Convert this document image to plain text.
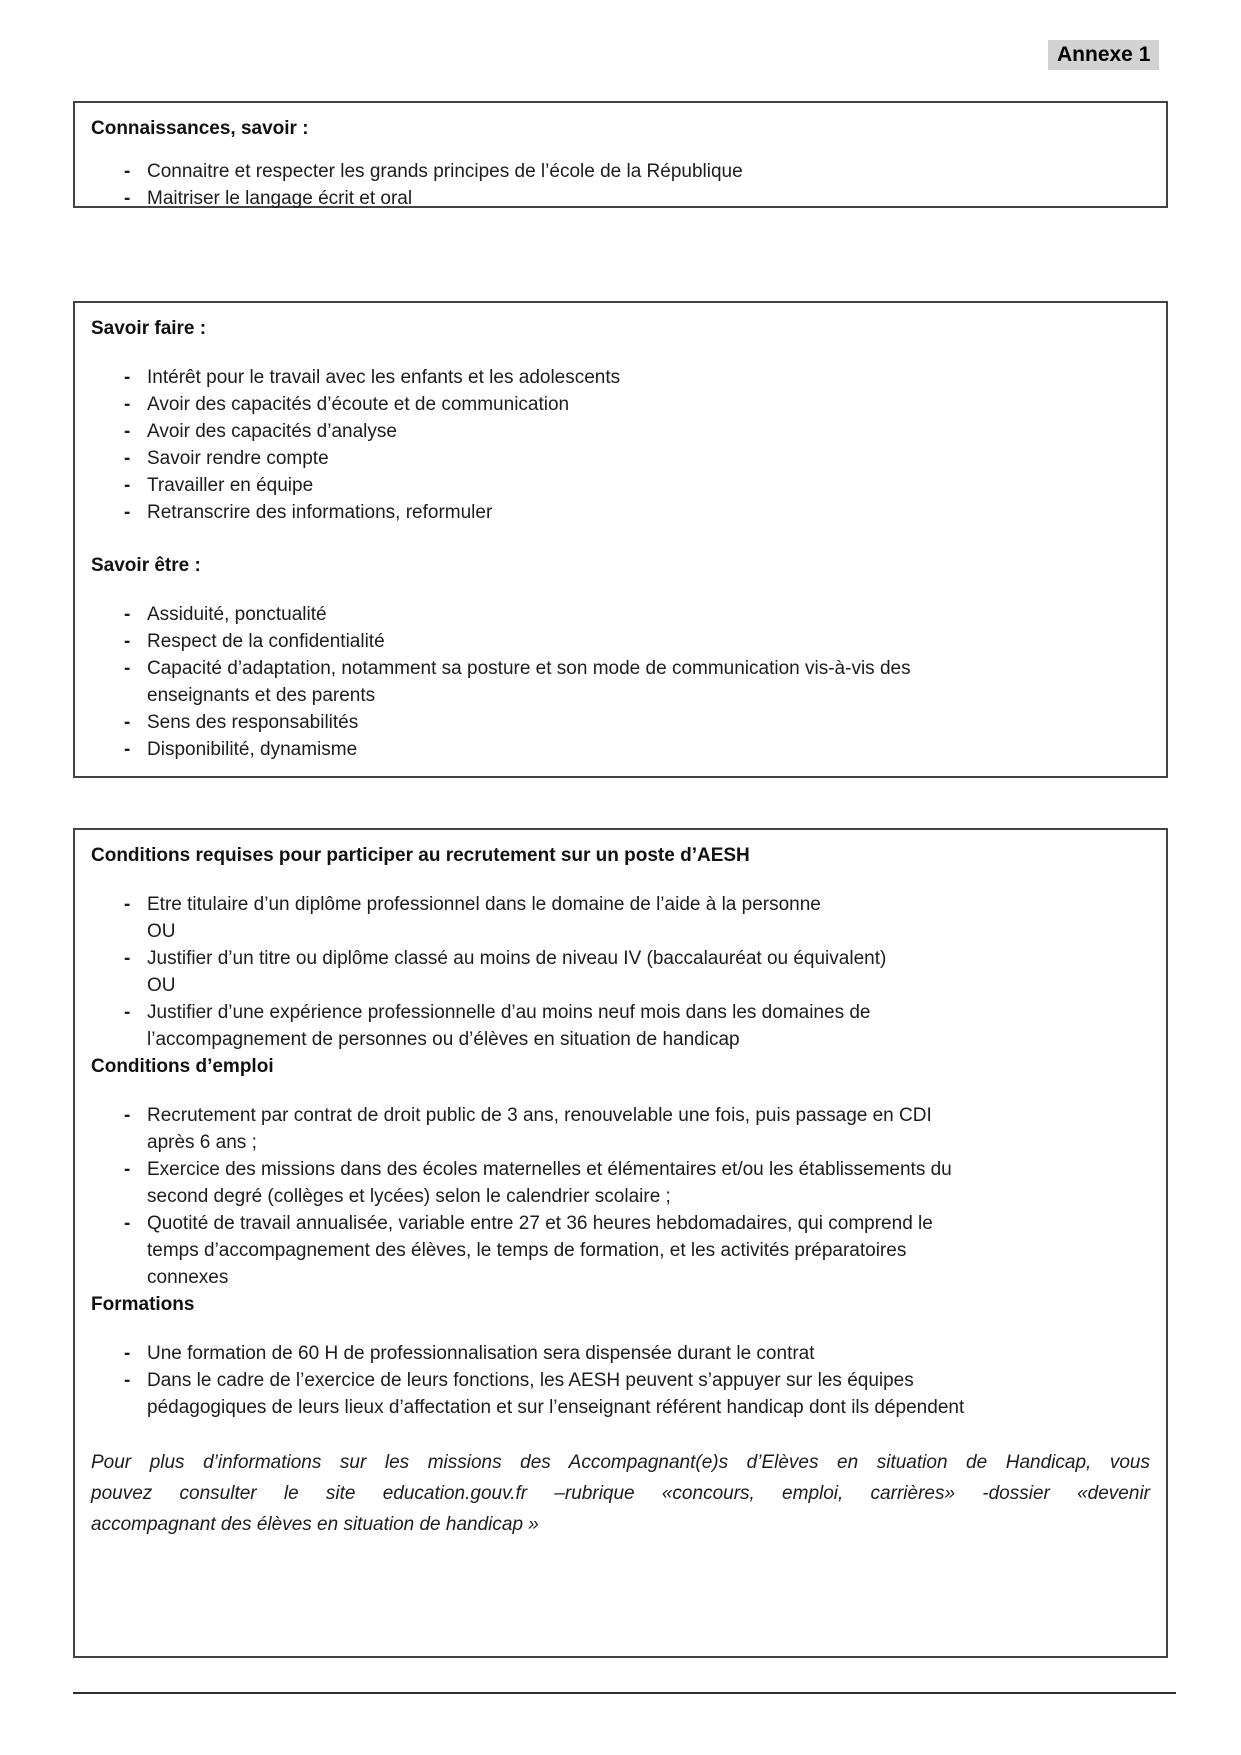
Annexe 1
Connaissances, savoir :
- Connaitre et respecter les grands principes de l’école de la République
- Maitriser le langage écrit et oral
Savoir faire :
- Intérêt pour le travail avec les enfants et les adolescents
- Avoir des capacités d’écoute et de communication
- Avoir des capacités d’analyse
- Savoir rendre compte
- Travailler en équipe
- Retranscrire des informations, reformuler
Savoir être :
- Assiduité, ponctualité
- Respect de la confidentialité
- Capacité d’adaptation, notamment sa posture et son mode de communication vis-à-vis des
enseignants et des parents
- Sens des responsabilités
- Disponibilité, dynamisme
Conditions requises pour participer au recrutement sur un poste d’AESH
- Etre titulaire d’un diplôme professionnel dans le domaine de l’aide à la personne
OU
- Justifier d’un titre ou diplôme classé au moins de niveau IV (baccalauréat ou équivalent)
OU
- Justifier d’une expérience professionnelle d’au moins neuf mois dans les domaines de
l’accompagnement de personnes ou d’élèves en situation de handicap
Conditions d’emploi
- Recrutement par contrat de droit public de 3 ans, renouvelable une fois, puis passage en CDI
après 6 ans ;
- Exercice des missions dans des écoles maternelles et élémentaires et/ou les établissements du
second degré (collèges et lycées) selon le calendrier scolaire ;
- Quotité de travail annualisée, variable entre 27 et 36 heures hebdomadaires, qui comprend le
temps d’accompagnement des élèves, le temps de formation, et les activités préparatoires
connexes
Formations
- Une formation de 60 H de professionnalisation sera dispensée durant le contrat
- Dans le cadre de l’exercice de leurs fonctions, les AESH peuvent s’appuyer sur les équipes
pédagogiques de leurs lieux d’affectation et sur l’enseignant référent handicap dont ils dépendent
Pour plus d’informations sur les missions des Accompagnant(e)s d’Elèves en situation de Handicap, vous
pouvez consulter le site education.gouv.fr –rubrique «concours, emploi, carrières» -dossier «devenir
accompagnant des élèves en situation de handicap »
